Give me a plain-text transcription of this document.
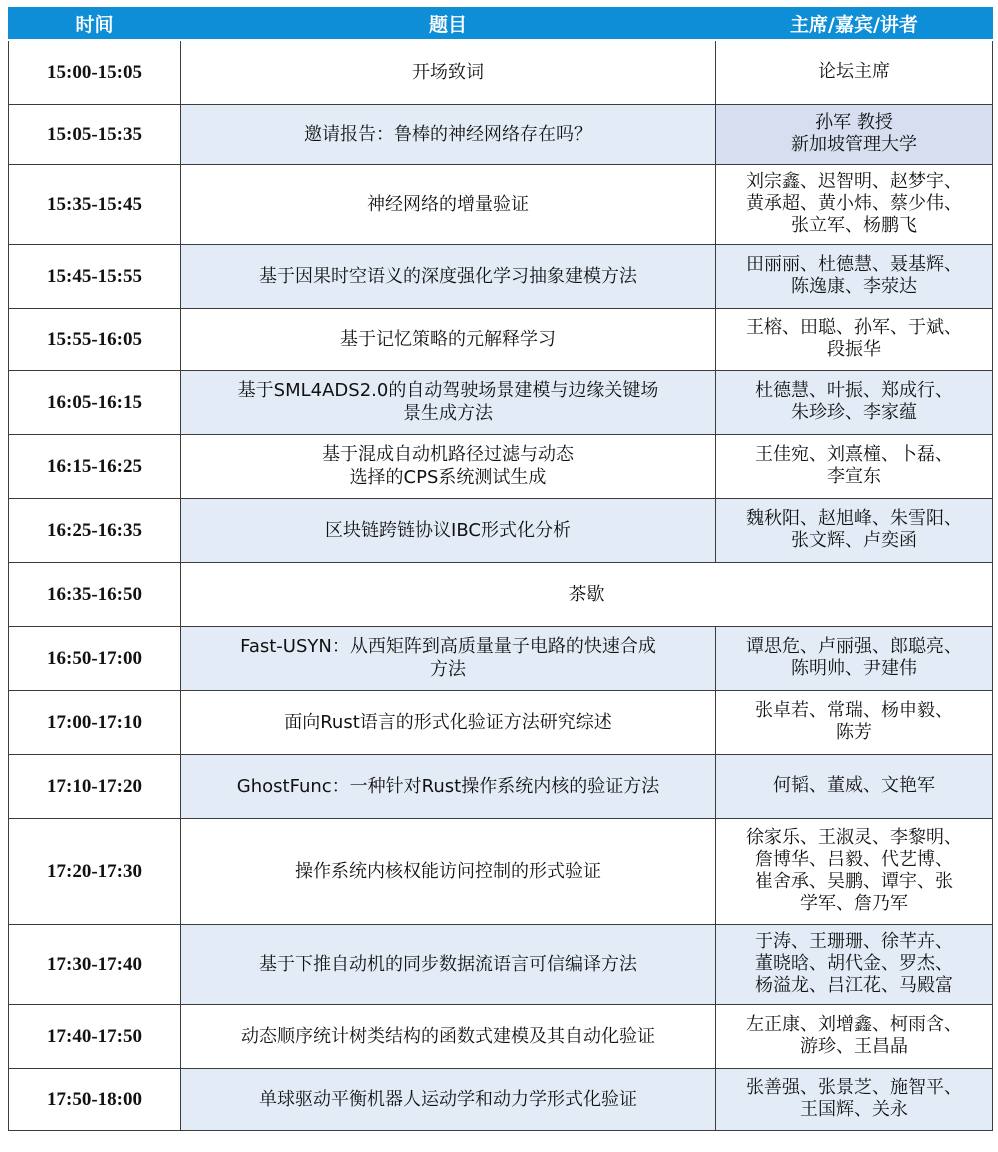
时间	题目	主席/嘉宾/讲者
15:00-15:05	开场致词	论坛主席

15:05-15:35	邀请报告：鲁棒的神经网络存在吗？	孙军 教授
新加坡管理大学

15:35-15:45	神经网络的增量验证	刘宗鑫、迟智明、赵梦宇、
黄承超、黄小炜、蔡少伟、
张立军、杨鹏飞

15:45-15:55	基于因果时空语义的深度强化学习抽象建模方法	田丽丽、杜德慧、聂基辉、
陈逸康、李荥达

15:55-16:05	基于记忆策略的元解释学习	王榕、田聪、孙军、于斌、
段振华

16:05-16:15	基于SML4ADS2.0的自动驾驶场景建模与边缘关键场
景生成方法	杜德慧、叶振、郑成行、
朱珍珍、李家蕴

16:15-16:25	基于混成自动机路径过滤与动态
选择的CPS系统测试生成	王佳宛、刘熹橦、卜磊、
李宣东

16:25-16:35	区块链跨链协议IBC形式化分析	魏秋阳、赵旭峰、朱雪阳、
张文辉、卢奕函

16:35-16:50	茶歇	
16:50-17:00	Fast-USYN：从西矩阵到高质量量子电路的快速合成
方法	谭思危、卢丽强、郎聪亮、
陈明帅、尹建伟

17:00-17:10	面向Rust语言的形式化验证方法研究综述	张卓若、常瑞、杨申毅、
陈芳

17:10-17:20	GhostFunc：一种针对Rust操作系统内核的验证方法	何韬、董威、文艳军

17:20-17:30	操作系统内核权能访问控制的形式验证	徐家乐、王淑灵、李黎明、
詹博华、吕毅、代艺博、
崔舍承、吴鹏、谭宇、张
学军、詹乃军

17:30-17:40	基于下推自动机的同步数据流语言可信编译方法	于涛、王珊珊、徐芊卉、
董晓晗、胡代金、罗杰、
杨溢龙、吕江花、马殿富

17:40-17:50	动态顺序统计树类结构的函数式建模及其自动化验证	左正康、刘增鑫、柯雨含、
游珍、王昌晶

17:50-18:00	单球驱动平衡机器人运动学和动力学形式化验证	张善强、张景芝、施智平、
王国辉、关永
